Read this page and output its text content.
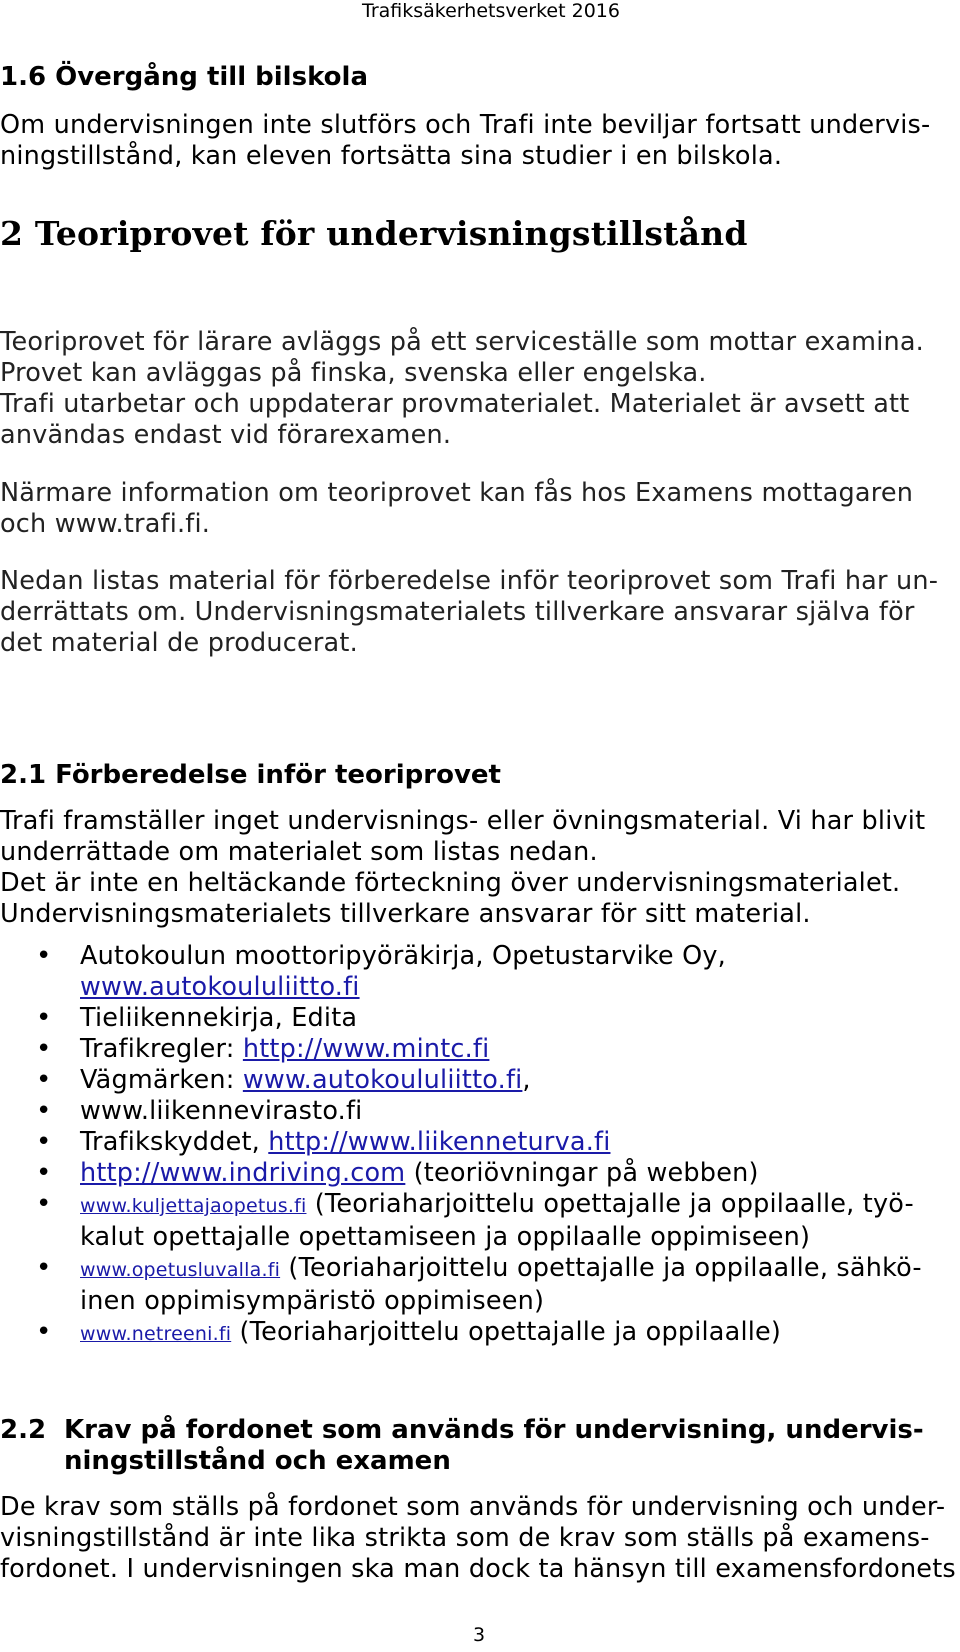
Trafiksäkerhetsverket 2016
1.6 Övergång till bilskola

Om undervisningen inte slutförs och Trafi inte beviljar fortsatt undervis-
ningstillstånd, kan eleven fortsätta sina studier i en bilskola.

2 Teoriprovet för undervisningstillstånd

Teoriprovet för lärare avläggs på ett serviceställe som mottar examina.
Provet kan avläggas på finska, svenska eller engelska.
Trafi utarbetar och uppdaterar provmaterialet. Materialet är avsett att
användas endast vid förarexamen.

Närmare information om teoriprovet kan fås hos Examens mottagaren
och www.trafi.fi.

Nedan listas material för förberedelse inför teoriprovet som Trafi har un-
derrättats om. Undervisningsmaterialets tillverkare ansvarar själva för
det material de producerat.

2.1 Förberedelse inför teoriprovet

Trafi framställer inget undervisnings- eller övningsmaterial. Vi har blivit
underrättade om materialet som listas nedan.
Det är inte en heltäckande förteckning över undervisningsmaterialet.
Undervisningsmaterialets tillverkare ansvarar för sitt material.

• Autokoulun moottoripyöräkirja, Opetustarvike Oy,
www.autokoululiitto.fi
• Tieliikennekirja, Edita
• Trafikregler: http://www.mintc.fi
• Vägmärken: www.autokoululiitto.fi,
• www.liikennevirasto.fi
• Trafikskyddet, http://www.liikenneturva.fi
• http://www.indriving.com (teoriövningar på webben)
• www.kuljettajaopetus.fi (Teoriaharjoittelu opettajalle ja oppilaalle, työ-
kalut opettajalle opettamiseen ja oppilaalle oppimiseen)
• www.opetusluvalla.fi (Teoriaharjoittelu opettajalle ja oppilaalle, sähkö-
inen oppimisympäristö oppimiseen)
• www.netreeni.fi (Teoriaharjoittelu opettajalle ja oppilaalle)
2.2 Krav på fordonet som används för undervisning, undervis-
ningstillstånd och examen

De krav som ställs på fordonet som används för undervisning och under-
visningstillstånd är inte lika strikta som de krav som ställs på examens-
fordonet. I undervisningen ska man dock ta hänsyn till examensfordonets

3
